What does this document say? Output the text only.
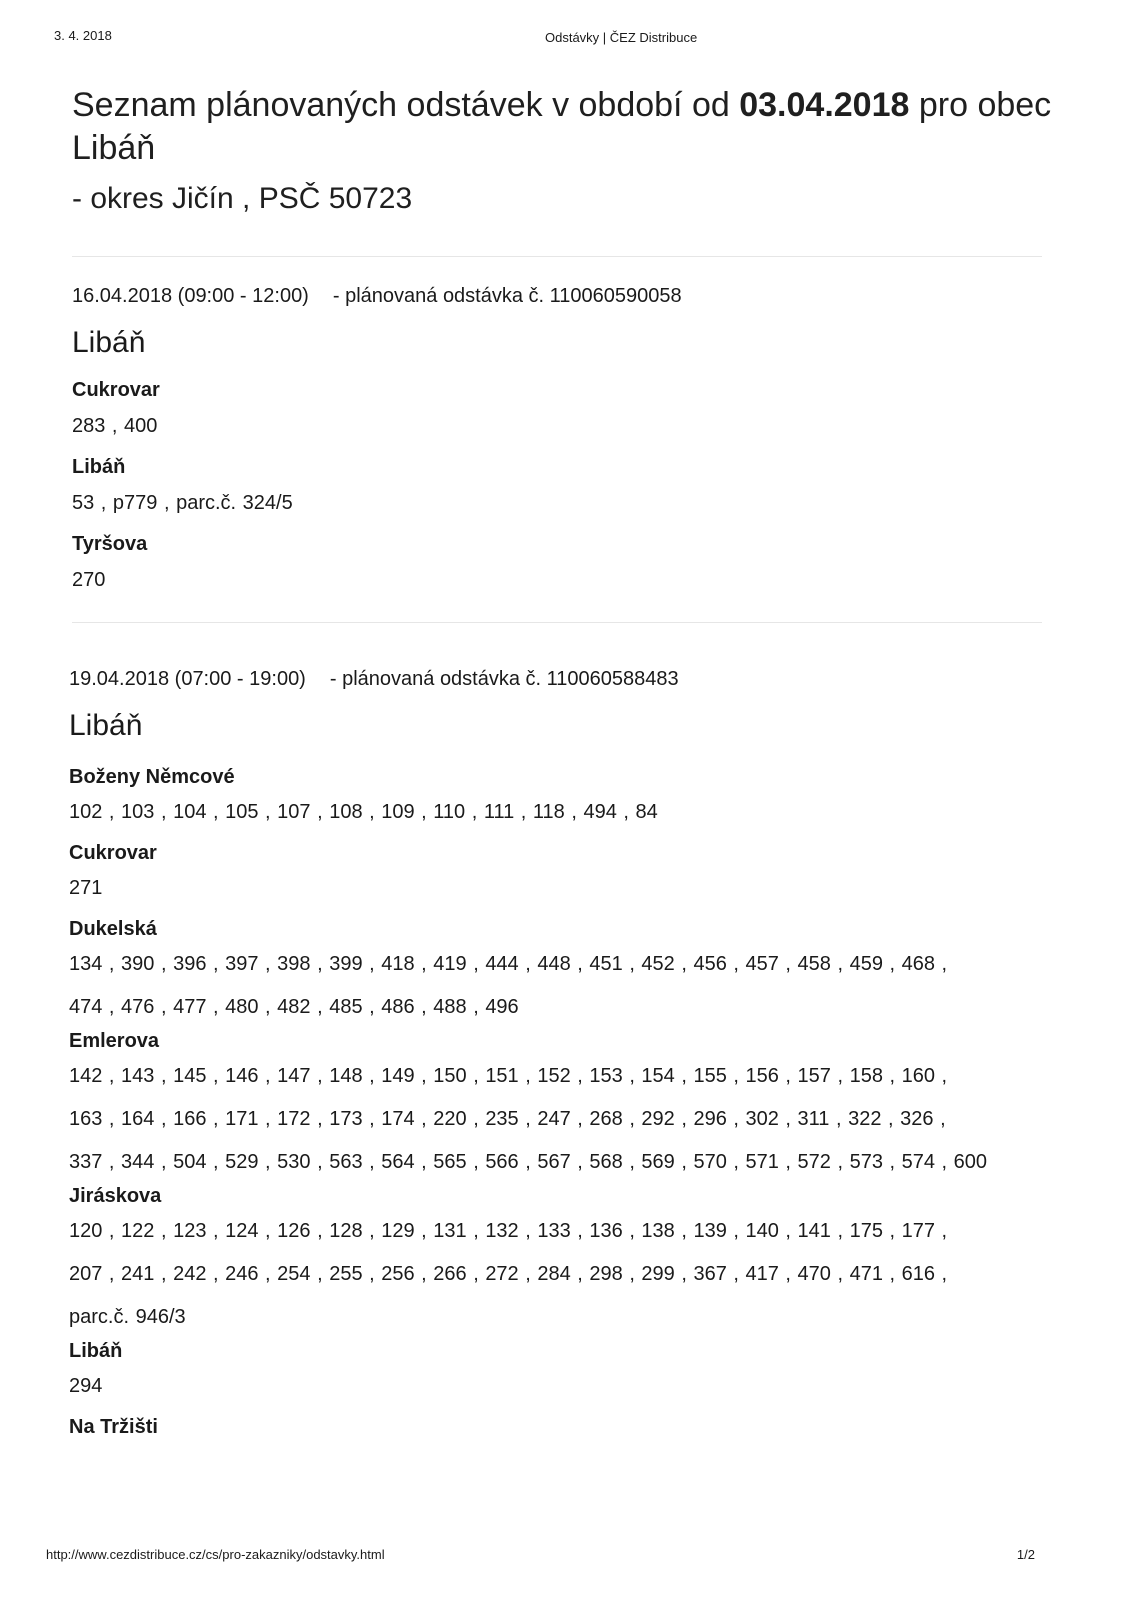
3. 4. 2018	Odstávky | ČEZ Distribuce
Seznam plánovaných odstávek v období od 03.04.2018 pro obec
Libáň
- okres Jičín , PSČ 50723
16.04.2018 (09:00 - 12:00) - plánovaná odstávka č. 110060590058
Libáň
Cukrovar
283 , 400
Libáň
53 , p779 , parc.č. 324/5
Tyršova
270
19.04.2018 (07:00 - 19:00) - plánovaná odstávka č. 110060588483
Libáň
Boženy Němcové
102 , 103 , 104 , 105 , 107 , 108 , 109 , 110 , 111 , 118 , 494 , 84
Cukrovar
271
Dukelská
134 , 390 , 396 , 397 , 398 , 399 , 418 , 419 , 444 , 448 , 451 , 452 , 456 , 457 , 458 , 459 , 468 ,
474 , 476 , 477 , 480 , 482 , 485 , 486 , 488 , 496
Emlerova
142 , 143 , 145 , 146 , 147 , 148 , 149 , 150 , 151 , 152 , 153 , 154 , 155 , 156 , 157 , 158 , 160 ,
163 , 164 , 166 , 171 , 172 , 173 , 174 , 220 , 235 , 247 , 268 , 292 , 296 , 302 , 311 , 322 , 326 ,
337 , 344 , 504 , 529 , 530 , 563 , 564 , 565 , 566 , 567 , 568 , 569 , 570 , 571 , 572 , 573 , 574 , 600
Jiráskova
120 , 122 , 123 , 124 , 126 , 128 , 129 , 131 , 132 , 133 , 136 , 138 , 139 , 140 , 141 , 175 , 177 ,
207 , 241 , 242 , 246 , 254 , 255 , 256 , 266 , 272 , 284 , 298 , 299 , 367 , 417 , 470 , 471 , 616 ,
parc.č. 946/3
Libáň
294
Na Tržišti
http://www.cezdistribuce.cz/cs/pro-zakazniky/odstavky.html	1/2
